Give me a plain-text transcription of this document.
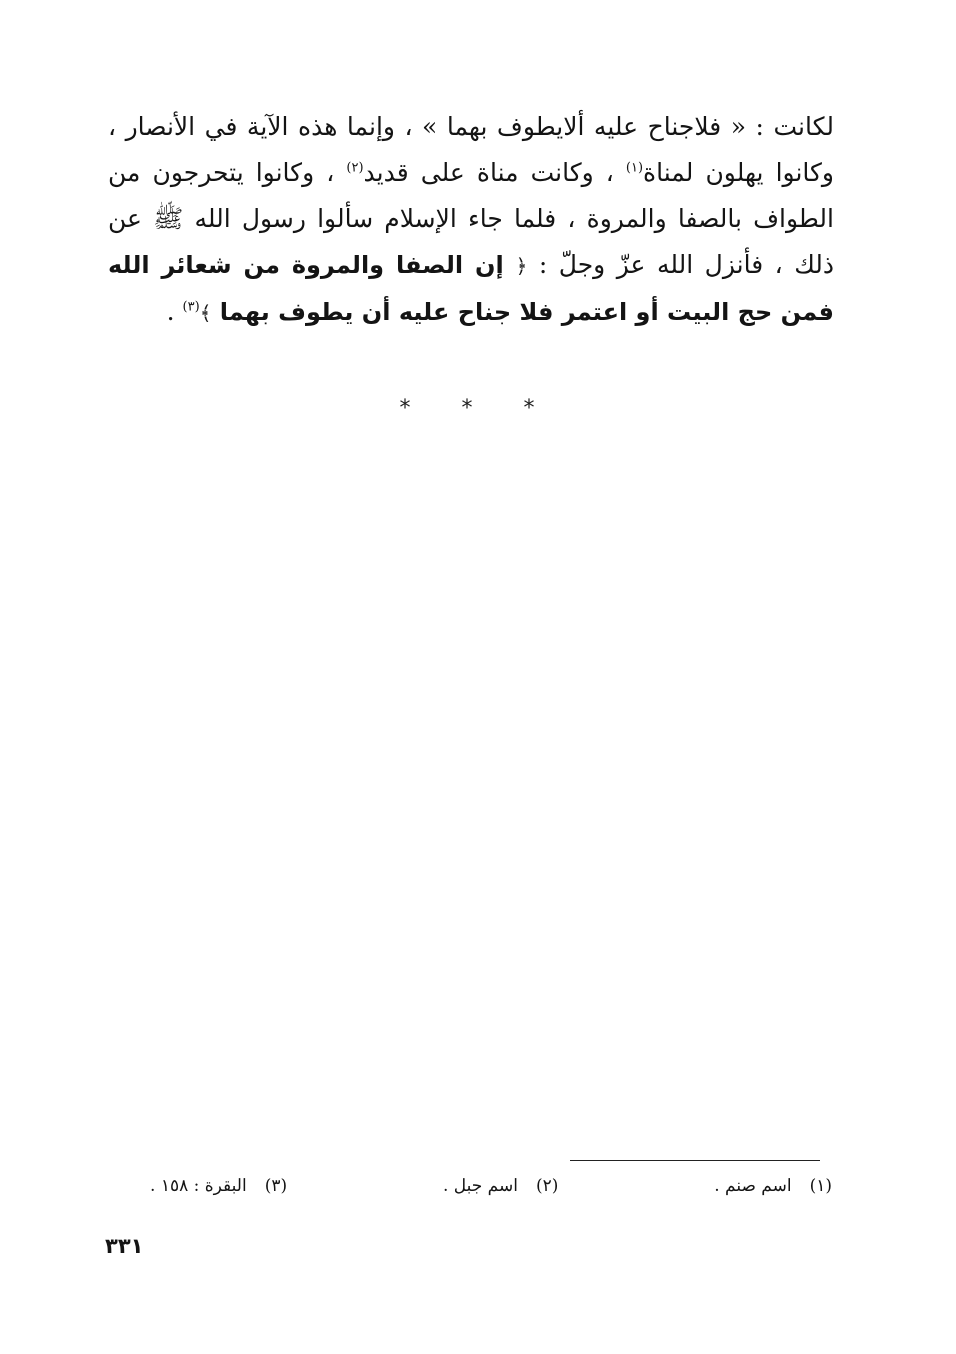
لكانت : « فلاجناح عليه ألايطوف بهما » ، وإنما هذه الآية في الأنصار ، وكانوا يهلون لمناة$^{(١)}$ ، وكانت مناة على قديد$^{(٢)}$ ، وكانوا يتحرجون من الطواف بالصفا والمروة ، فلما جاء الإسلام سألوا رسول الله ﷺ عن ذلك ، فأنزل الله عزّ وجلّ : ﴿ إن الصفا والمروة من شعائر الله فمن حج البيت أو اعتمر فلا جناح عليه أن يطوف بهما ﴾$^{(٣)}$ .

* * *
(١)اسم صنم .
(٢)اسم جبل .
(٣)البقرة : ١٥٨ .
٣٣١
